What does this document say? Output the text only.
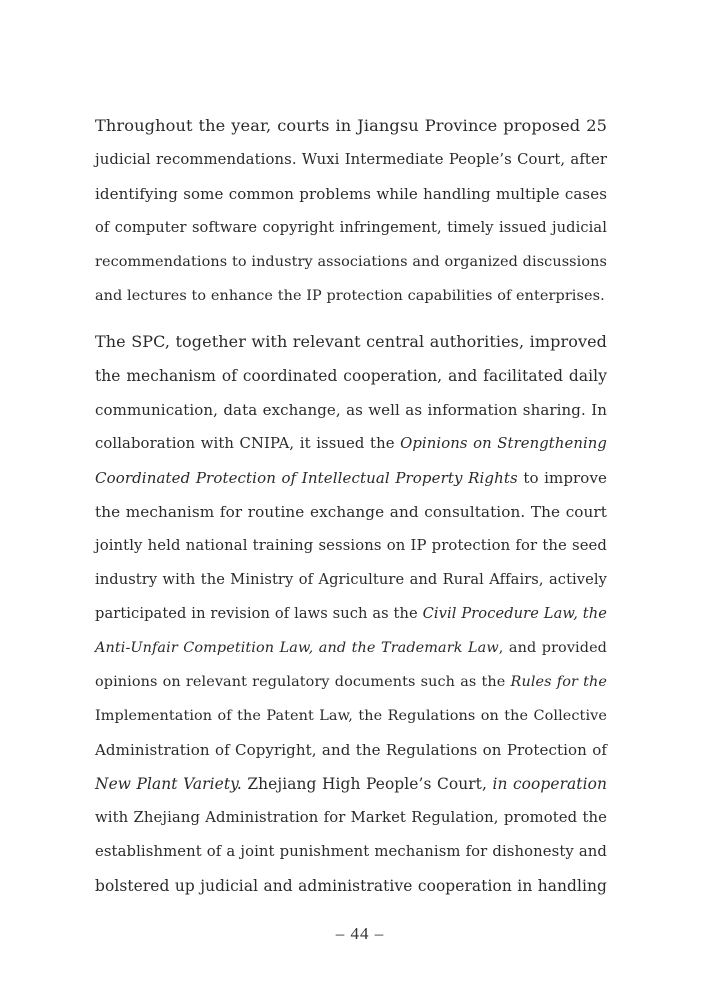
Throughout the year, courts in Jiangsu Province proposed 25
judicial recommendations. Wuxi Intermediate People’s Court, after
identifying some common problems while handling multiple cases
of computer software copyright infringement, timely issued judicial
recommendations to industry associations and organized discussions
and lectures to enhance the IP protection capabilities of enterprises.
The SPC, together with relevant central authorities, improved
the mechanism of coordinated cooperation, and facilitated daily
communication, data exchange, as well as information sharing. In
collaboration with CNIPA, it issued the Opinions on Strengthening
Coordinated Protection of Intellectual Property Rights to improve
the mechanism for routine exchange and consultation. The court
jointly held national training sessions on IP protection for the seed
industry with the Ministry of Agriculture and Rural Affairs, actively
participated in revision of laws such as the Civil Procedure Law, the
Anti-Unfair Competition Law, and the Trademark Law, and provided
opinions on relevant regulatory documents such as the Rules for the
Implementation of the Patent Law, the Regulations on the Collective
Administration of Copyright, and the Regulations on Protection of
New Plant Variety. Zhejiang High People’s Court, in cooperation
with Zhejiang Administration for Market Regulation, promoted the
establishment of a joint punishment mechanism for dishonesty and
bolstered up judicial and administrative cooperation in handling
– 44 –
